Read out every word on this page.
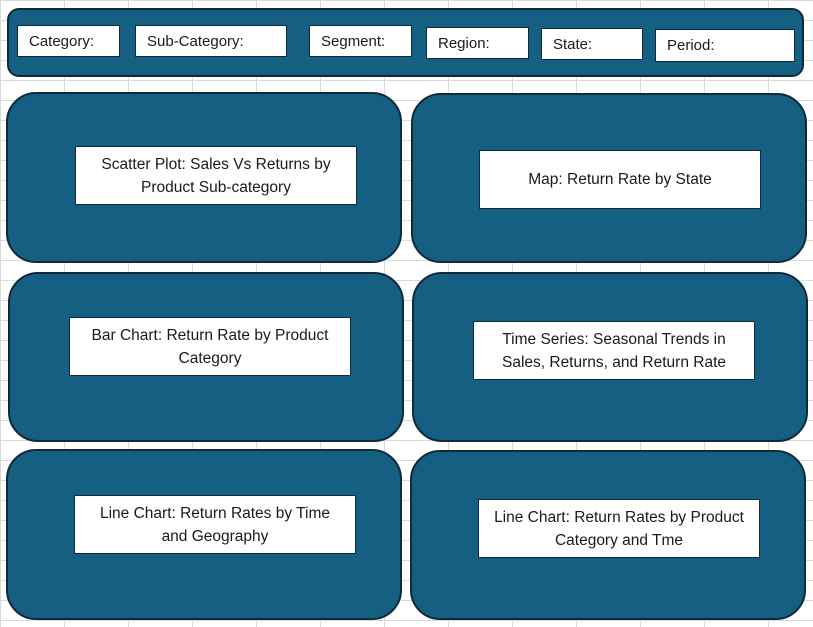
Category:	Sub-Category:	Segment:	Region:	State:	Period:
Scatter Plot: Sales Vs Returns by Product Sub-category	Map: Return Rate by State
Bar Chart: Return Rate by Product Category
Time Series: Seasonal Trends in Sales, Returns, and Return Rate
Line Chart: Return Rates by Time and Geography
Line Chart: Return Rates by Product Category and Tme
